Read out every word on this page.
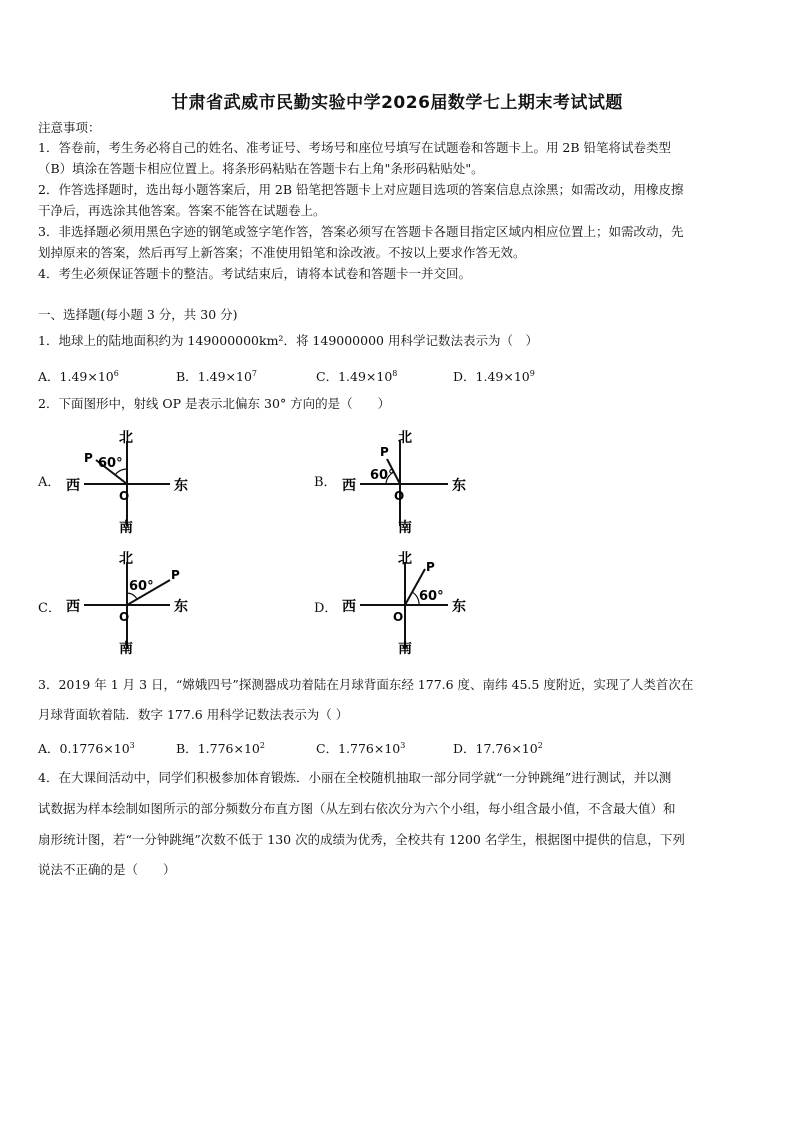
甘肃省武威市民勤实验中学2026届数学七上期末考试试题
注意事项：
1．答卷前，考生务必将自己的姓名、准考证号、考场号和座位号填写在试题卷和答题卡上。用 2B 铅笔将试卷类型
（B）填涂在答题卡相应位置上。将条形码粘贴在答题卡右上角"条形码粘贴处"。
2．作答选择题时，选出每小题答案后，用 2B 铅笔把答题卡上对应题目选项的答案信息点涂黑；如需改动，用橡皮擦
干净后，再选涂其他答案。答案不能答在试题卷上。
3．非选择题必须用黑色字迹的钢笔或签字笔作答，答案必须写在答题卡各题目指定区域内相应位置上；如需改动，先
划掉原来的答案，然后再写上新答案；不准使用铅笔和涂改液。不按以上要求作答无效。
4．考生必须保证答题卡的整洁。考试结束后，请将本试卷和答题卡一并交回。
一、选择题(每小题 3 分，共 30 分)
1．地球上的陆地面积约为 149000000km²．将 149000000 用科学记数法表示为（　）
A．$1.49\times 10^6$	B．$1.49\times 10^7$	C．$1.49\times 10^8$	D．$1.49\times 10^9$
2．下面图形中，射线 OP 是表示北偏东 30° 方向的是（　　）
A．
北
南
西	东
O
P 60°
B．
北
南
西	东
O
P
60°
C．
北
南
西	东
O
P
60°
D．
北
南
西	东
O
P
60°
3．2019 年 1 月 3 日，“嫦娥四号”探测器成功着陆在月球背面东经 177.6 度、南纬 45.5 度附近，实现了人类首次在
月球背面软着陆．数字 177.6 用科学记数法表示为（ ）
A．$0.1776\times 10^3$	B．$1.776\times 10^2$	C．$1.776\times 10^3$	D．$17.76\times 10^2$
4．在大课间活动中，同学们积极参加体育锻炼．小丽在全校随机抽取一部分同学就“一分钟跳绳”进行测试，并以测
试数据为样本绘制如图所示的部分频数分布直方图（从左到右依次分为六个小组，每小组含最小值，不含最大值）和
扇形统计图，若“一分钟跳绳”次数不低于 130 次的成绩为优秀，全校共有 1200 名学生，根据图中提供的信息，下列
说法不正确的是（　　）
